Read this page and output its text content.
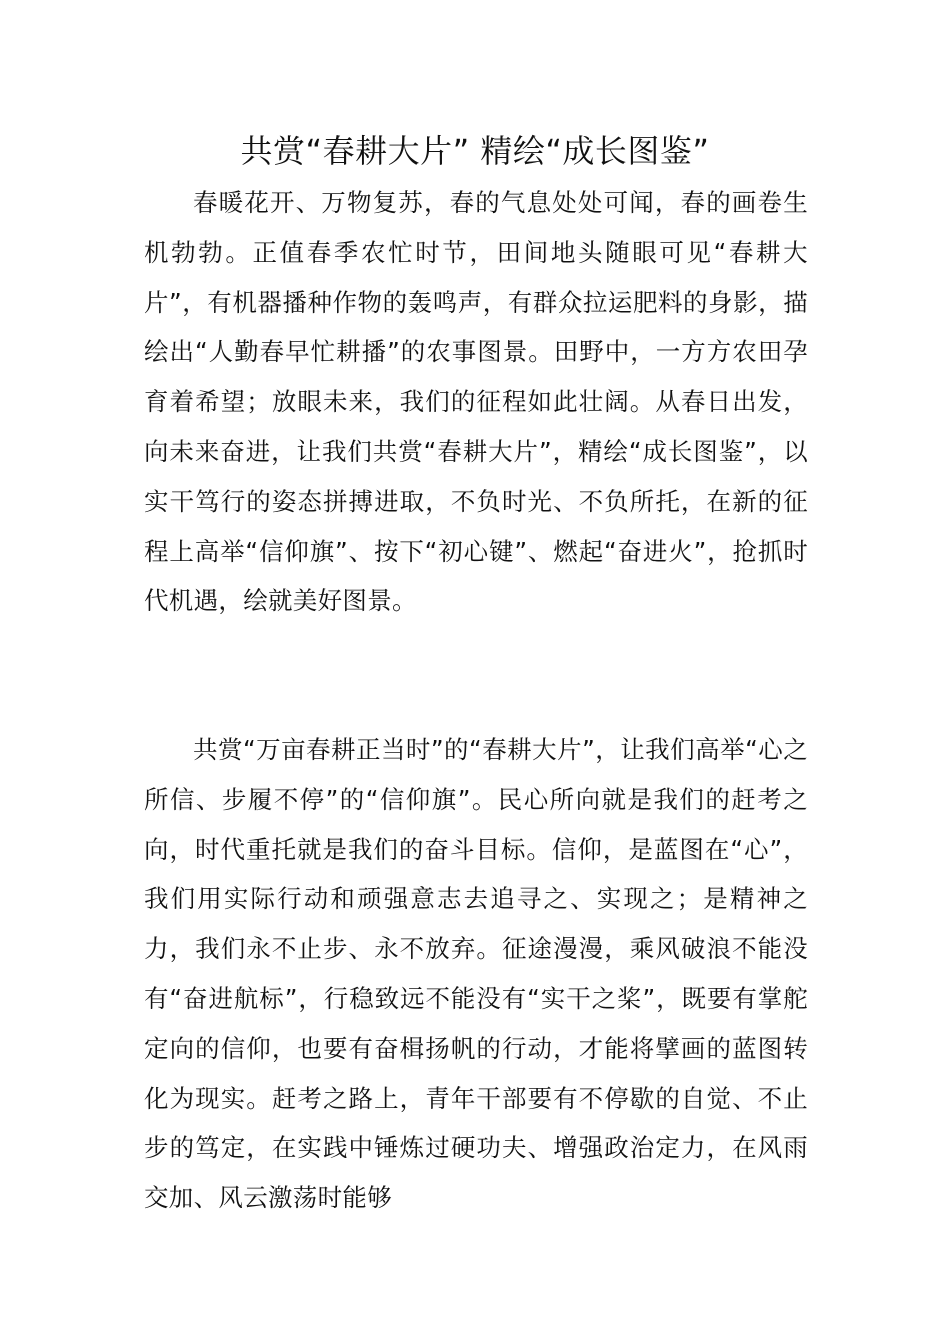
共赏“春耕大片” 精绘“成长图鉴”

春暖花开、万物复苏，春的气息处处可闻，春的画卷生机勃勃。正值春季农忙时节，田间地头随眼可见“春耕大片”，有机器播种作物的轰鸣声，有群众拉运肥料的身影，描绘出“人勤春早忙耕播”的农事图景。田野中，一方方农田孕育着希望；放眼未来，我们的征程如此壮阔。从春日出发，向未来奋进，让我们共赏“春耕大片”，精绘“成长图鉴”，以实干笃行的姿态拼搏进取，不负时光、不负所托，在新的征程上高举“信仰旗”、按下“初心键”、燃起“奋进火”，抢抓时代机遇，绘就美好图景。

共赏“万亩春耕正当时”的“春耕大片”，让我们高举“心之所信、步履不停”的“信仰旗”。民心所向就是我们的赶考之向，时代重托就是我们的奋斗目标。信仰，是蓝图在“心”，我们用实际行动和顽强意志去追寻之、实现之；是精神之力，我们永不止步、永不放弃。征途漫漫，乘风破浪不能没有“奋进航标”，行稳致远不能没有“实干之桨”，既要有掌舵定向的信仰，也要有奋楫扬帆的行动，才能将擘画的蓝图转化为现实。赶考之路上，青年干部要有不停歇的自觉、不止步的笃定，在实践中锤炼过硬功夫、增强政治定力，在风雨交加、风云激荡时能够
